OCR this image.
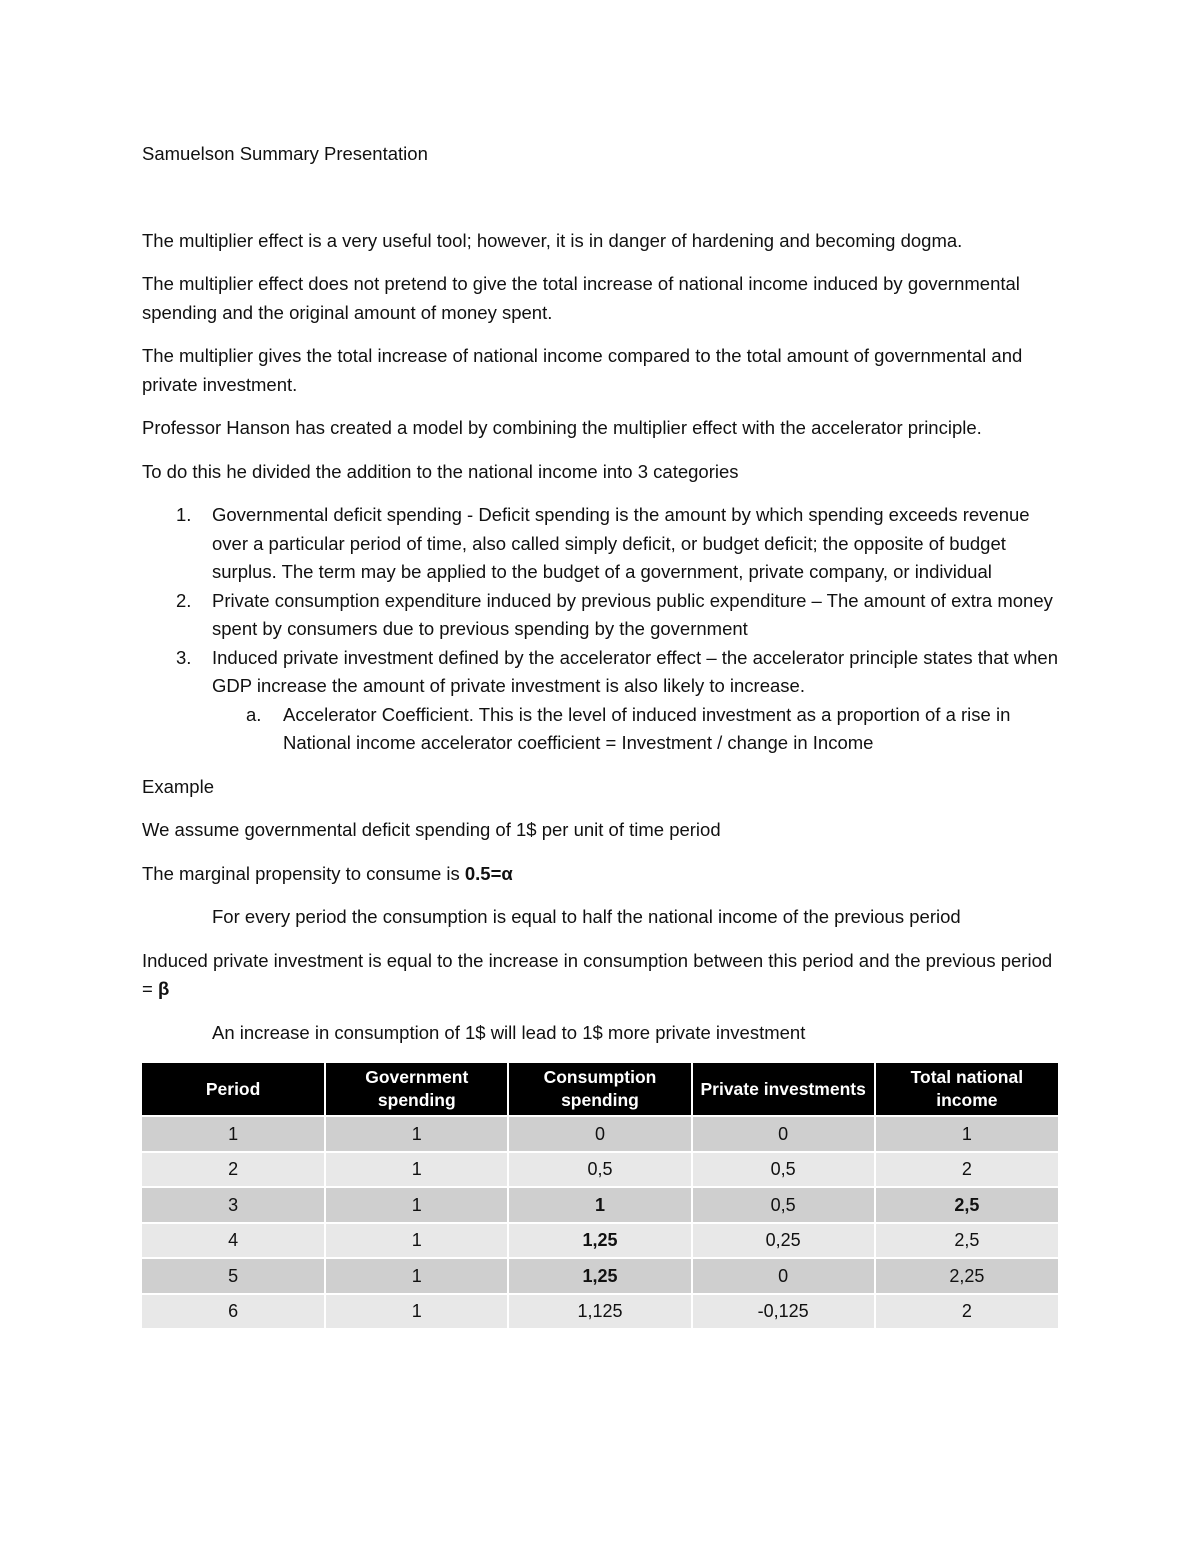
Samuelson Summary Presentation

The multiplier effect is a very useful tool; however, it is in danger of hardening and becoming dogma.

The multiplier effect does not pretend to give the total increase of national income induced by governmental spending and the original amount of money spent.

The multiplier gives the total increase of national income compared to the total amount of governmental and private investment.

Professor Hanson has created a model by combining the multiplier effect with the accelerator principle.

To do this he divided the addition to the national income into 3 categories

1. Governmental deficit spending - Deficit spending is the amount by which spending exceeds revenue over a particular period of time, also called simply deficit, or budget deficit; the opposite of budget surplus. The term may be applied to the budget of a government, private company, or individual
2. Private consumption expenditure induced by previous public expenditure – The amount of extra money spent by consumers due to previous spending by the government
3. Induced private investment defined by the accelerator effect – the accelerator principle states that when GDP increase the amount of private investment is also likely to increase.
a. Accelerator Coefficient. This is the level of induced investment as a proportion of a rise in National income accelerator coefficient = Investment / change in Income

Example

We assume governmental deficit spending of 1$ per unit of time period

The marginal propensity to consume is 0.5=α

For every period the consumption is equal to half the national income of the previous period

Induced private investment is equal to the increase in consumption between this period and the previous period = β

An increase in consumption of 1$ will lead to 1$ more private investment

Period	Government spending	Consumption spending	Private investments	Total national income
1	1	0	0	1
2	1	0,5	0,5	2
3	1	1	0,5	2,5
4	1	1,25	0,25	2,5
5	1	1,25	0	2,25
6	1	1,125	-0,125	2
